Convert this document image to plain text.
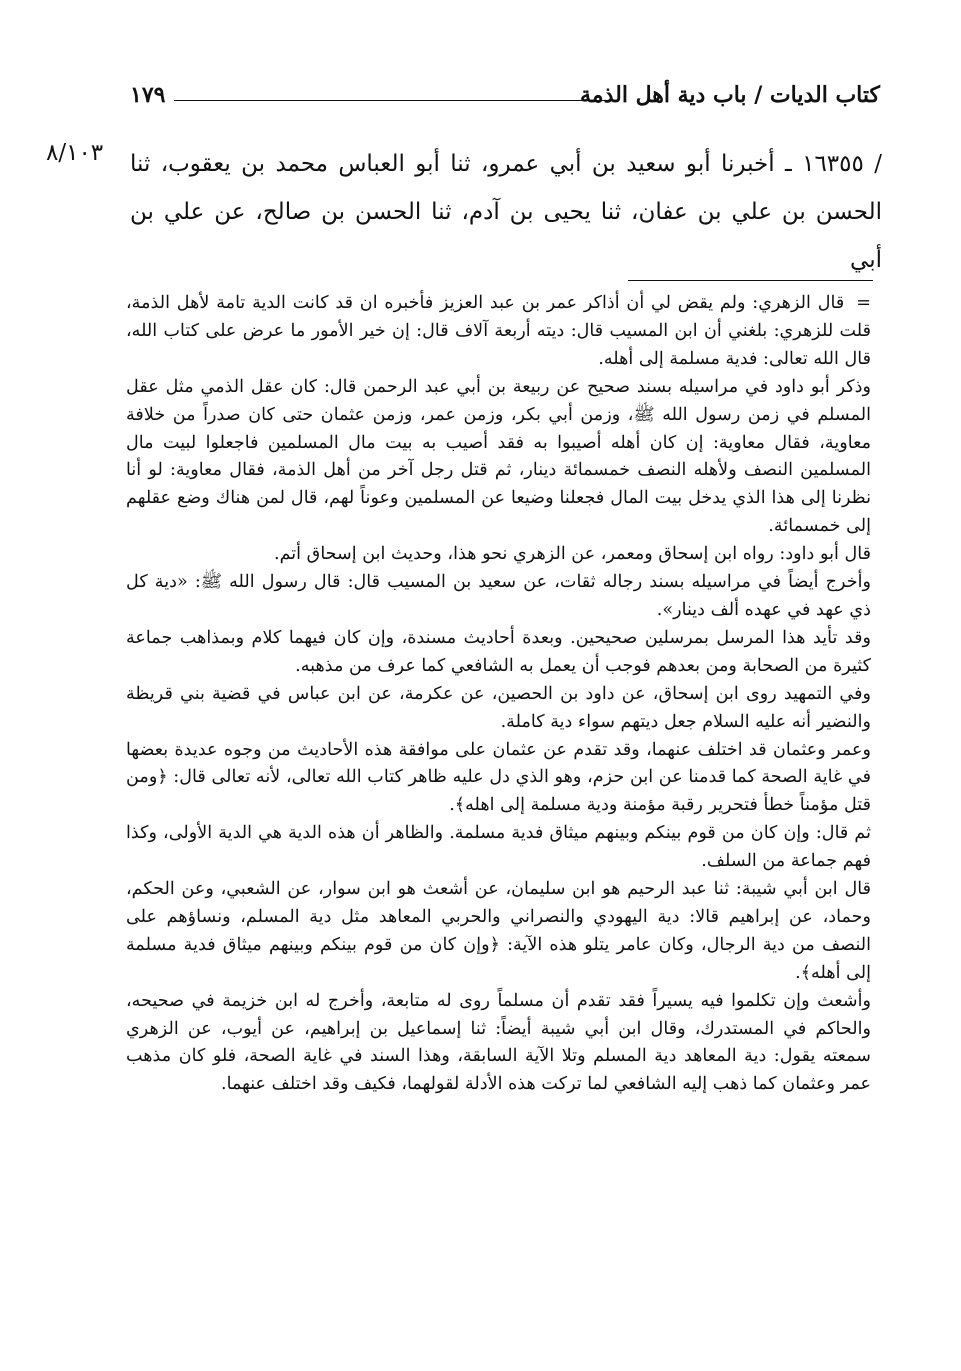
كتاب الديات / باب دية أهل الذمة
١٧٩
٨/١٠٣	/ ١٦٣٥٥ ـ أخبرنا أبو سعيد بن أبي عمرو، ثنا أبو العباس محمد بن يعقوب، ثنا الحسن بن علي بن عفان، ثنا يحيى بن آدم، ثنا الحسن بن صالح، عن علي بن أبي

=قال الزهري: ولم يقض لي أن أذاكر عمر بن عبد العزيز فأخبره ان قد كانت الدية تامة لأهل الذمة، قلت للزهري: بلغني أن ابن المسيب قال: ديته أربعة آلاف قال: إن خير الأمور ما عرض على كتاب الله، قال الله تعالى: فدية مسلمة إلى أهله.

وذكر أبو داود في مراسيله بسند صحيح عن ربيعة بن أبي عبد الرحمن قال: كان عقل الذمي مثل عقل المسلم في زمن رسول الله ﷺ، وزمن أبي بكر، وزمن عمر، وزمن عثمان حتى كان صدراً من خلافة معاوية، فقال معاوية: إن كان أهله أصيبوا به فقد أصيب به بيت مال المسلمين فاجعلوا لبيت مال المسلمين النصف ولأهله النصف خمسمائة دينار، ثم قتل رجل آخر من أهل الذمة، فقال معاوية: لو أنا نظرنا إلى هذا الذي يدخل بيت المال فجعلنا وضيعا عن المسلمين وعوناً لهم، قال لمن هناك وضع عقلهم إلى خمسمائة.

قال أبو داود: رواه ابن إسحاق ومعمر، عن الزهري نحو هذا، وحديث ابن إسحاق أتم.

وأخرج أيضاً في مراسيله بسند رجاله ثقات، عن سعيد بن المسيب قال: قال رسول الله ﷺ: «دية كل ذي عهد في عهده ألف دينار».

وقد تأيد هذا المرسل بمرسلين صحيحين. وبعدة أحاديث مسندة، وإن كان فيهما كلام وبمذاهب جماعة كثيرة من الصحابة ومن بعدهم فوجب أن يعمل به الشافعي كما عرف من مذهبه.

وفي التمهيد روى ابن إسحاق، عن داود بن الحصين، عن عكرمة، عن ابن عباس في قضية بني قريظة والنضير أنه عليه السلام جعل ديتهم سواء دية كاملة.

وعمر وعثمان قد اختلف عنهما، وقد تقدم عن عثمان على موافقة هذه الأحاديث من وجوه عديدة بعضها في غاية الصحة كما قدمنا عن ابن حزم، وهو الذي دل عليه ظاهر كتاب الله تعالى، لأنه تعالى قال: ﴿ومن قتل مؤمناً خطأ فتحرير رقبة مؤمنة ودية مسلمة إلى اهله﴾.

ثم قال: وإن كان من قوم بينكم وبينهم ميثاق فدية مسلمة. والظاهر أن هذه الدية هي الدية الأولى، وكذا فهم جماعة من السلف.

قال ابن أبي شيبة: ثنا عبد الرحيم هو ابن سليمان، عن أشعث هو ابن سوار، عن الشعبي، وعن الحكم، وحماد، عن إبراهيم قالا: دية اليهودي والنصراني والحربي المعاهد مثل دية المسلم، ونساؤهم على النصف من دية الرجال، وكان عامر يتلو هذه الآية: ﴿وإن كان من قوم بينكم وبينهم ميثاق فدية مسلمة إلى أهله﴾.

وأشعث وإن تكلموا فيه يسيراً فقد تقدم أن مسلماً روى له متابعة، وأخرج له ابن خزيمة في صحيحه، والحاكم في المستدرك، وقال ابن أبي شيبة أيضاً: ثنا إسماعيل بن إبراهيم، عن أيوب، عن الزهري سمعته يقول: دية المعاهد دية المسلم وتلا الآية السابقة، وهذا السند في غاية الصحة، فلو كان مذهب عمر وعثمان كما ذهب إليه الشافعي لما تركت هذه الأدلة لقولهما، فكيف وقد اختلف عنهما.
